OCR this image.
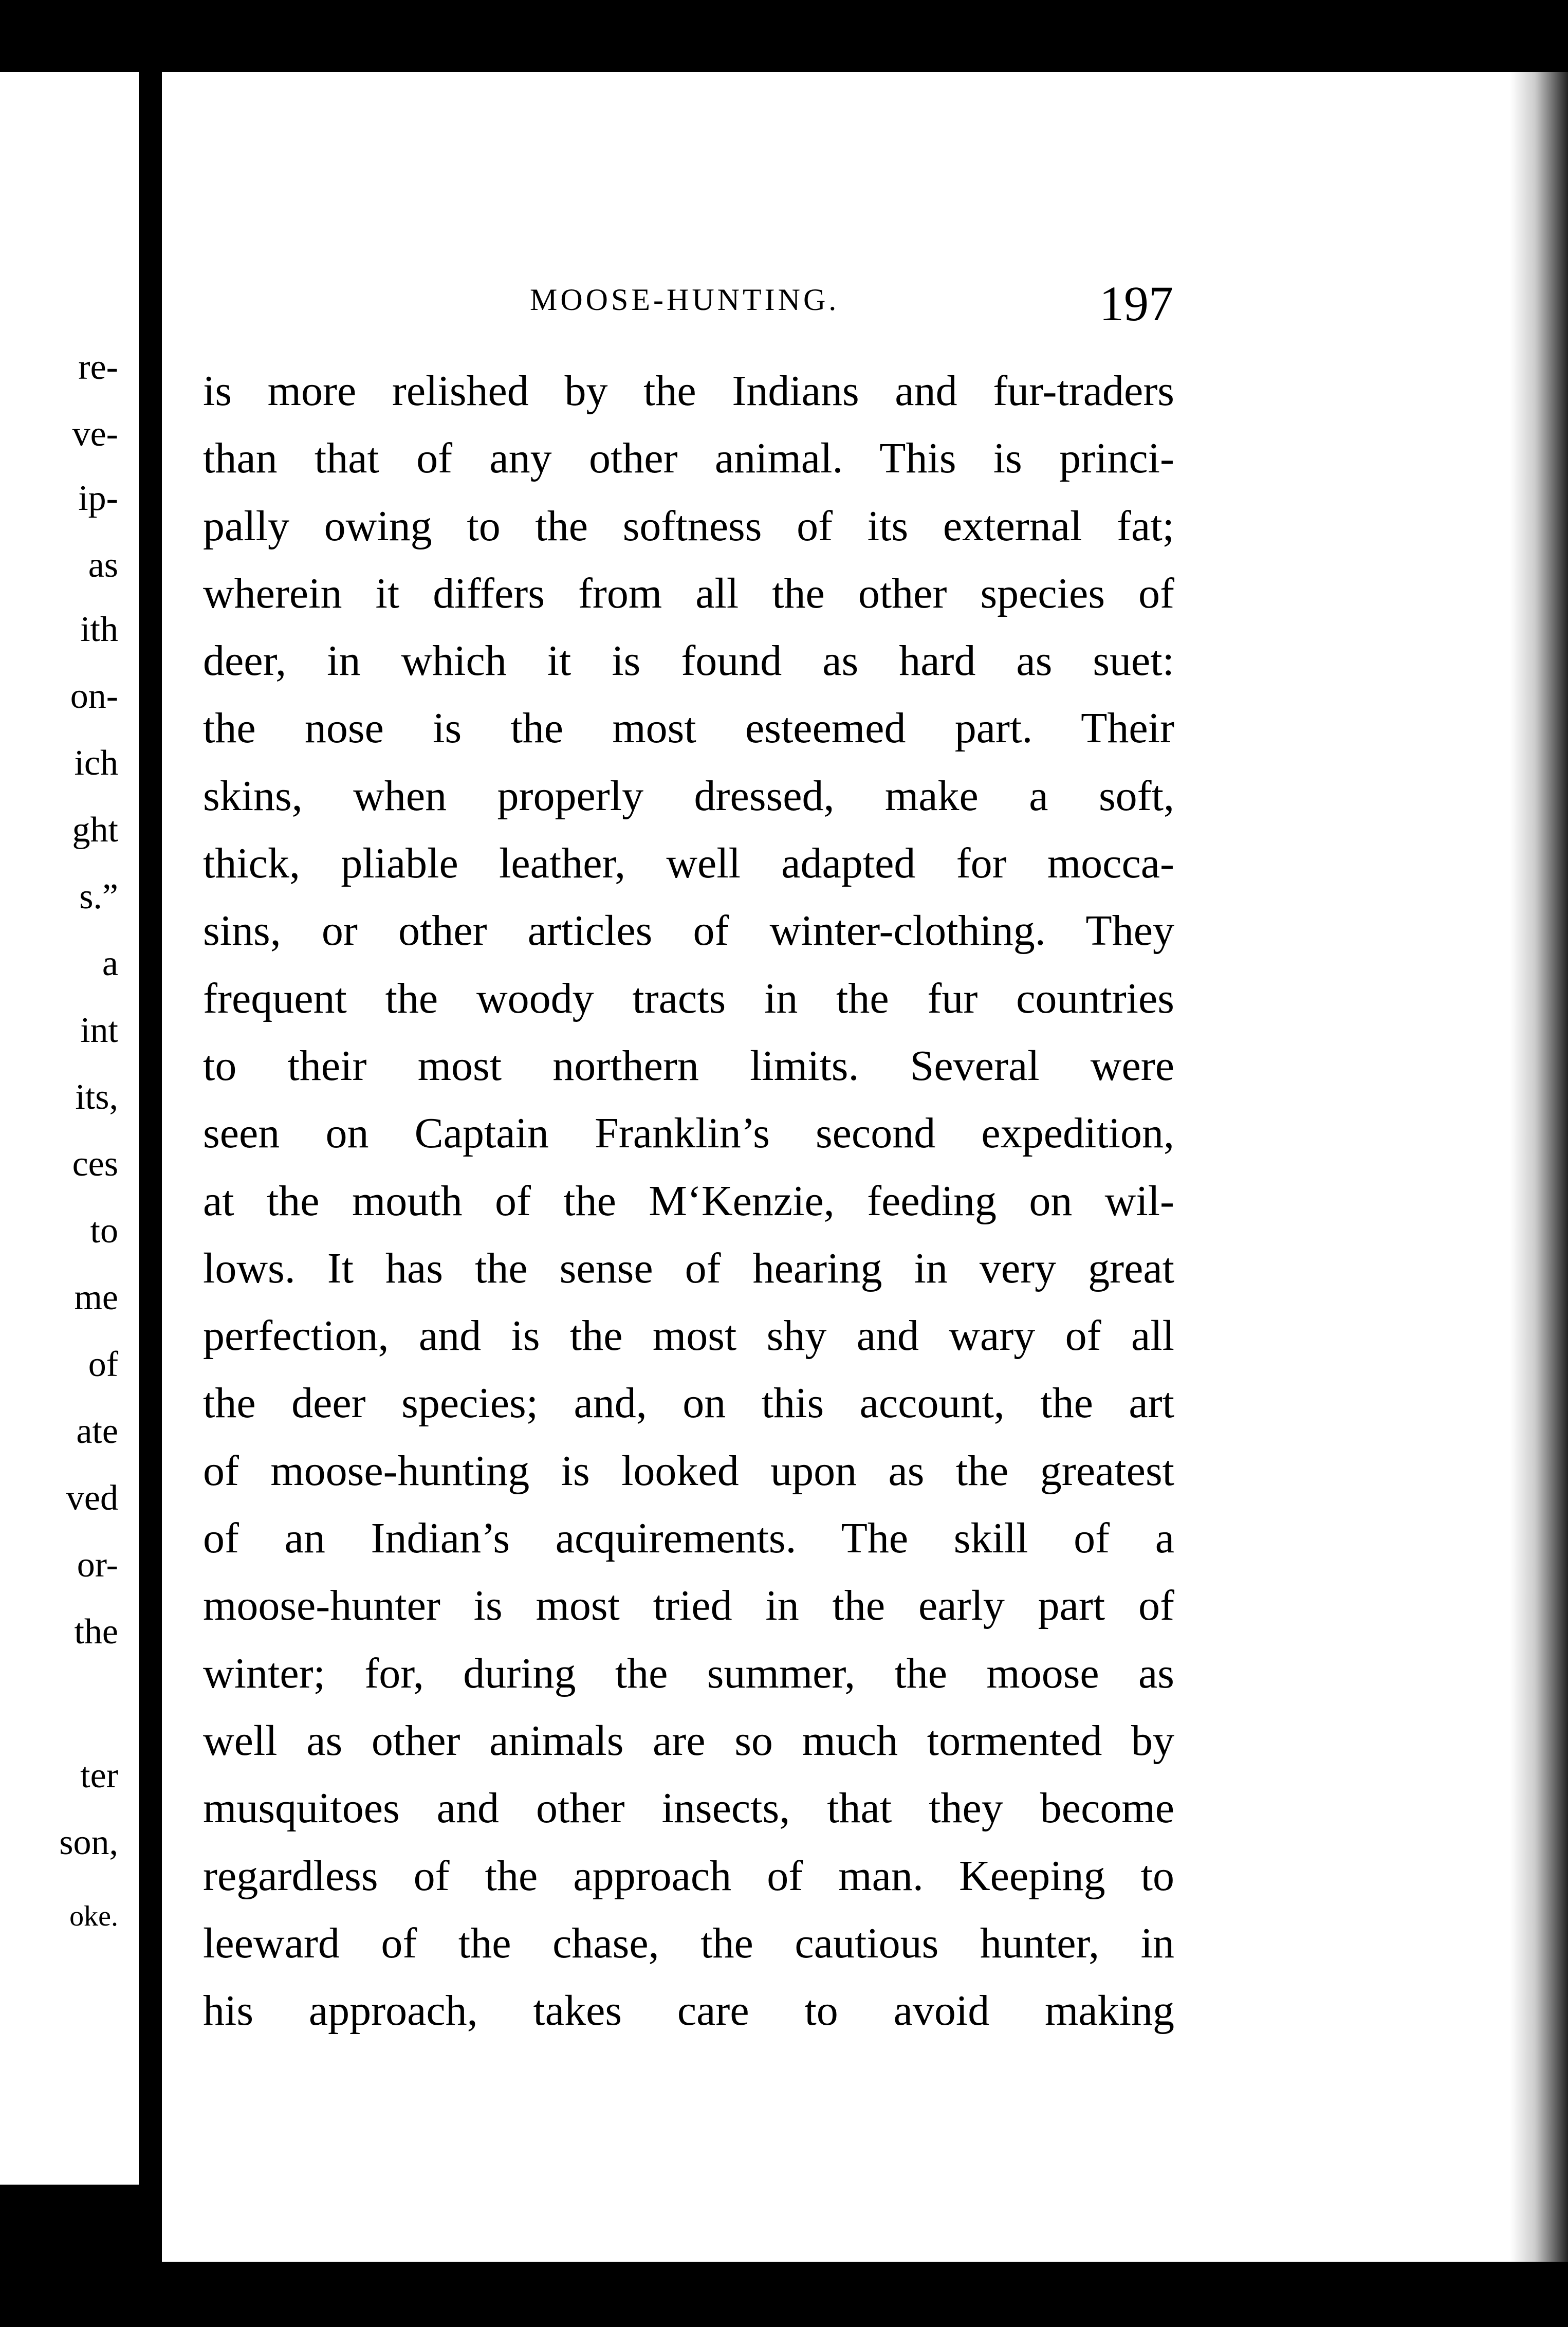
re-
ve-
ip-
as
ith
on-
ich
ght
s.”
a
int
its,
ces
to
me
of
ate
ved
or-
the
ter
son,
oke.
MOOSE-HUNTING.	197
is more relished by the Indians and fur-traders
than that of any other animal. This is princi-
pally owing to the softness of its external fat;
wherein it differs from all the other species of
deer, in which it is found as hard as suet:
the nose is the most esteemed part. Their
skins, when properly dressed, make a soft,
thick, pliable leather, well adapted for mocca-
sins, or other articles of winter-clothing. They
frequent the woody tracts in the fur countries
to their most northern limits. Several were
seen on Captain Franklin’s second expedition,
at the mouth of the M‘Kenzie, feeding on wil-
lows. It has the sense of hearing in very great
perfection, and is the most shy and wary of all
the deer species; and, on this account, the art
of moose-hunting is looked upon as the greatest
of an Indian’s acquirements. The skill of a
moose-hunter is most tried in the early part of
winter; for, during the summer, the moose as
well as other animals are so much tormented by
musquitoes and other insects, that they become
regardless of the approach of man. Keeping to
leeward of the chase, the cautious hunter, in
his approach, takes care to avoid making
